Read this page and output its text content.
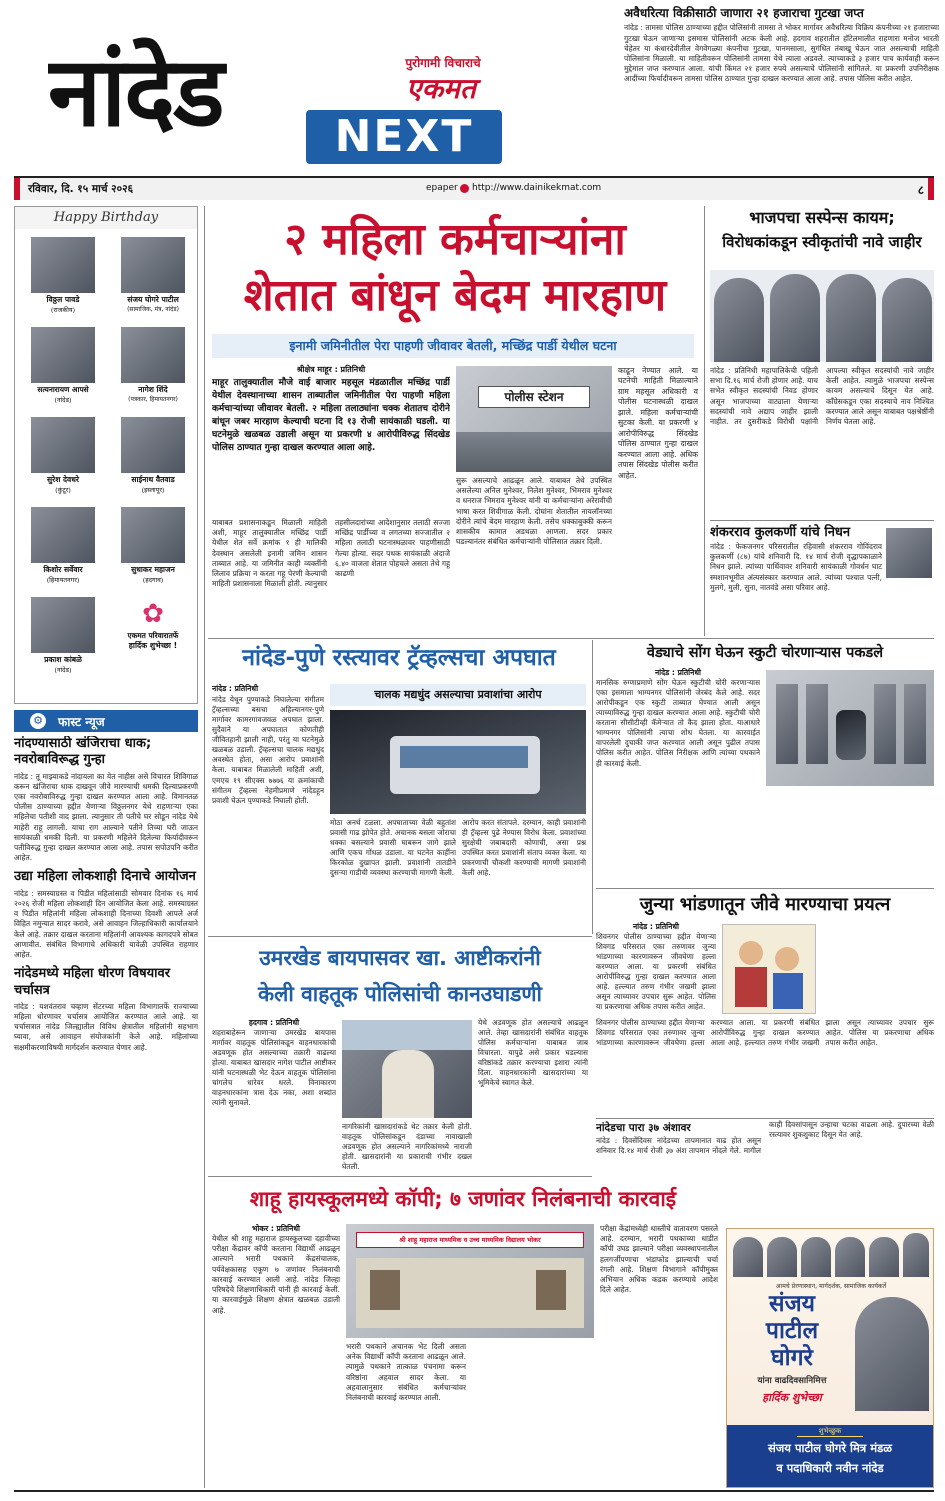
अवैधरित्या विक्रीसाठी जाणारा २१ हजाराचा गुटखा जप्त
नांदेड : तामसा पोलिस ठाण्याच्या हद्दीत पोलिसांनी तामसा ते भोकर मार्गावर अवैधरित्या विक्रिय कंपनीच्या २१ हजाराच्या गुटखा घेऊन जाणाऱ्या इसमास पोलिसांनी अटक केली आहे. हदगाव शहरातील हॉटेलमालीत राहणारा मनोज भारती चेहेतर या कंधारदेवीतील वेगवेगळ्या कंपनीचा गुटखा, पानमसाला, सुगंधित तंबाखू घेऊन जात असल्याची माहिती पोलिसांना मिळाली. या माहितीवरून पोलिसांनी तामसा येथे त्याला अडवले. त्याच्याकडे ३ हजार पाच कार्यवाही करून मुद्देमाल जप्त करण्यात आला. यांची किंमत २१ हजार रुपये असल्याचे पोलिसांनी सांगितले. या प्रकरणी उपनिरीक्षक आदींच्या फिर्यादीवरून तामसा पोलिस ठाण्यात गुन्हा दाखल करण्यात आला आहे. तपास पोलिस करीत आहेत.
नांदेड	पुरोगामी विचाराचे
एकमत
NEXT
रविवार, दि. १५ मार्च २०२६	epaper http://www.dainikekmat.com	८
Happy Birthday
विठ्ठल पावडे
(राजकीय)
संजय घोगरे पाटील
(सामाजिक, मंत्र, नांदेड)
सत्यनारायण आपसे
(नांदेड)
नागेश शिंदे
(पत्रकार, हिमायतनगर)
सुरेश देवधरे
(कुंटूर)
साईनाथ वैतवाड
(इस्लापूर)
किशोर सर्वेवार
(हिमायतनगर)
सुधाकर महाजन
(हदगाव)
प्रकाश कांबळे
(नांदेड)
✿
एकमत परिवारातर्फे
हार्दिक शुभेच्छा !
⚙ फास्ट न्यूज
नांदण्यासाठी खंजिराचा धाक; नवरोबाविरूद्ध गुन्हा
नांदेड : तू माझ्याकडे नांदायला का येत नाहीस असे विचारत शिविगाळ करून खंजिराचा धाक दाखवून जीवे मारण्याची धमकी दिल्याप्रकरणी एका नवरोबाविरुद्ध गुन्हा दाखल करण्यात आला आहे. विमानतळ पोलीस ठाण्याच्या हद्दीत येणाऱ्या विठ्ठलनगर येथे राहणाऱ्या एका महिलेचा पतीशी वाद झाला. त्यानुसार ती पतीचे घर सोडून नांदेड येथे माहेरी राहू लागली. याचा राग आल्याने पतीने तिच्या घरी जाऊन सायंकाळी धमकी दिली. या प्रकरणी महिलेने दिलेल्या फिर्यादीवरून पतीविरुद्ध गुन्हा दाखल करण्यात आला आहे. तपास सपोउपनि करीत आहेत.
उद्या महिला लोकशाही दिनाचे आयोजन
नांदेड : समस्याग्रस्त व पिडीत महिलांसाठी सोमवार दिनांक १६ मार्च २०२६ रोजी महिला लोकशाही दिन आयोजित केला आहे. समस्याग्रस्त व पिडीत महिलांनी महिला लोकशाही दिनाच्या दिवशी आपले अर्ज विहित नमुन्यात सादर करावे, असे आवाहन जिल्हाधिकारी कार्यालयाने केले आहे. तक्रार दाखल करताना महिलांनी आवश्यक कागदपत्रे सोबत आणावीत. संबंधित विभागाचे अधिकारी यावेळी उपस्थित राहणार आहेत.
नांदेडमध्ये महिला धोरण विषयावर चर्चासत्र
नांदेड : यशवंतराव चव्हाण सेंटरच्या महिला विभागातर्फे राज्याच्या महिला धोरणावर चर्चासत्र आयोजित करण्यात आले आहे. या चर्चासत्रात नांदेड जिल्ह्यातील विविध क्षेत्रातील महिलांनी सहभाग घ्यावा, असे आवाहन संयोजकांनी केले आहे. महिलांच्या सक्षमीकरणाविषयी मार्गदर्शन करण्यात येणार आहे.
२ महिला कर्मचाऱ्यांना
शेतात बांधून बेदम मारहाण
इनामी जमिनीतील पेरा पाहणी जीवावर बेतली, मच्छिंद्र पार्डी येथील घटना
श्रीक्षेत्र माहूर : प्रतिनिधी
माहूर तालुक्यातील मौजे वाई बाजार महसूल मंडळातील मच्छिंद्र पार्डी येथील देवस्थानाच्या शासन ताब्यातील जमिनीतील पेरा पाहणी महिला कर्मचाऱ्यांच्या जीवावर बेतली. २ महिला तलाठ्यांना चक्क शेतातच दोरीने बांधून जबर मारहाण केल्याची घटना दि १३ रोजी सायंकाळी घडली. या घटनेमुळे खळबळ उडाली असून या प्रकरणी ४ आरोपीविरुद्ध सिंदखेड पोलिस ठाण्यात गुन्हा दाखल करण्यात आला आहे.
पोलीस स्टेशन
याबाबत प्रशासनाकडून मिळाली माहिती अशी, माहूर तालुक्यातील मच्छिंद्र पार्डी येथील शेत सर्वे क्रमांक १ ही मालिकी देवस्थान असलेली इनामी जमिन शासन ताब्यात आहे. या जमिनीत काही व्यक्तींनी लिलाव प्रक्रिया न करता गहू पेरणी केल्याची माहिती प्रशासनाला मिळाली होती. त्यानुसार तहसीलदारांच्या आदेशानुसार तलाठी सज्जा मच्छिंद्र पार्डीच्या व लगतच्या सज्जातील २ महिला तलाठी घटनास्थळावर पाहणीसाठी गेल्या होत्या. सदर पथक सायंकाळी अंदाजे ६.४० वाजता शेतात पोहचले असता तेथे गहू काढणी
सुरू असल्याचे आढळून आले. याबाबत तेथे उपस्थित असलेल्या अनिल मुनेश्वर, निलेश मुनेश्वर, भिमराव मुनेश्वर व धनराज भिमराव मुनेश्वर यांनी या कर्मचाऱ्यांना अरेरावीची भाषा करत शिवीगाळ केली. दोघांना शेतातील नायलॉनच्या दोरीने त्यांचे बेदम मारहाण केली. तसेच धक्काबुक्की करून शासकीय कामात अडथळा आणला. सदर प्रकार घडल्यानंतर संबंधित कर्मचाऱ्यांनी पोलिसात तक्रार दिली.
काढून नेण्यात आले. या घटनेची माहिती मिळाल्याने ग्राम महसूल अधिकारी व पोलीस घटनास्थळी दाखल झाले. महिला कर्मचाऱ्यांची सुटका केली. या प्रकरणी ४ आरोपीविरुद्ध सिंदखेड पोलिस ठाण्यात गुन्हा दाखल करण्यात आला आहे. अधिक तपास सिंदखेड पोलीस करीत आहेत.
भाजपचा सस्पेन्स कायम;
विरोधकांकडून स्वीकृतांची नावे जाहीर
नांदेड : प्रतिनिधी महापालिकेची पहिली सभा दि.१६ मार्च रोजी होणार आहे. याच सभेत स्वीकृत सदस्यांची निवड होणार असून भाजपाच्या वाट्याला येणाऱ्या सदस्यांची नावे अद्याप जाहीर झाली नाहीत. तर दुसरीकडे विरोधी पक्षांनी आपल्या स्वीकृत सदस्यांची नावे जाहीर केली आहेत. त्यामुळे भाजपचा सस्पेन्स कायम असल्याचे दिसून येत आहे. काँग्रेसकडून एका सदस्याचे नाव निश्चित करण्यात आले असून याबाबत पक्षश्रेष्ठींनी निर्णय घेतला आहे.
शंकरराव कुलकर्णी यांचे निधन
नांदेड : फेकजनगर परिसरातील रहिवासी शंकरराव गोविंदराव कुलकर्णी (८७) यांचे शनिवारी दि. १४ मार्च रोजी वृद्धापकाळाने निधन झाले. त्यांच्या पार्थिवावर शनिवारी सायंकाळी गोवर्धन घाट स्मशानभूमीत अंत्यसंस्कार करण्यात आले. त्यांच्या पश्चात पत्नी, मुलगे, मुली, सुना, नातवंडे असा परिवार आहे.
नांदेड-पुणे रस्त्यावर ट्रॅव्हल्सचा अपघात
नांदेड : प्रतिनिधी
नांदेड येथून पुण्याकडे निघालेल्या संगीतम ट्रॅव्हल्सच्या बसचा अहिल्यानगर-पुणे मार्गावर कामरगावजवळ अपघात झाला. सुदैवाने या अपघातात कोणतीही जीवितहानी झाली नाही, परंतु या घटनेमुळे खळबळ उडाली. ट्रॅव्हल्सचा चालक मद्यधुंद अवस्थेत होता, असा आरोप प्रवाशांनी केला. याबाबत मिळालेली माहिती अशी, एमएच १९ सीएक्स ७७७६ या क्रमांकाची संगीतम ट्रॅव्हल्स नेहमीप्रमाणे नांदेडहून प्रवाशी घेऊन पुण्याकडे निघाली होती.
चालक मद्यधुंद असल्याचा प्रवाशांचा आरोप
मोठा अनर्थ टळला. अपघाताच्या वेळी बहुतांश प्रवासी गाढ झोपेत होते. अचानक बसला जोराचा धक्का बसल्याने प्रवासी घाबरून जागे झाले आणि एकच गोंधळ उडाला. या घटनेत काहींना किरकोळ दुखापत झाली. प्रवाशांनी तातडीने दुसऱ्या गाडीची व्यवस्था करण्याची मागणी केली.
आरोप करत संतापले. दरम्यान, काही प्रवाशांनी ही ट्रॅव्हल्स पुढे नेण्यास विरोध केला. प्रवाशांच्या सुरक्षेची जबाबदारी कोणाची, असा प्रश्न उपस्थित करत प्रवाशांनी संताप व्यक्त केला. या प्रकरणाची चौकशी करण्याची मागणी प्रवाशांनी केली आहे.
वेड्याचे सोंग घेऊन स्कुटी चोरणाऱ्यास पकडले
नांदेड : प्रतिनिधी
मानसिक रुग्णाप्रमाणे सोंग घेऊन स्कुटीची चोरी करणाऱ्यास एका इसमाला भाग्यनगर पोलिसांनी जेरबंद केले आहे. सदर आरोपीकडून एक स्कुटी ताब्यात घेण्यात आली असून त्याच्याविरुद्ध गुन्हा दाखल करण्यात आला आहे. स्कुटीची चोरी करताना सीसीटीव्ही कॅमेऱ्यात तो कैद झाला होता. याआधारे भाग्यनगर पोलिसांनी त्याचा शोध घेतला. या कारवाईत वापरलेली दुचाकी जप्त करण्यात आली असून पुढील तपास पोलिस करीत आहेत. पोलिस निरीक्षक आणि त्यांच्या पथकाने ही कारवाई केली.
जुन्या भांडणातून जीवे मारण्याचा प्रयत्न
नांदेड : प्रतिनिधी
शिवनगर पोलीस ठाण्याच्या हद्दीत येणाऱ्या शिवगड परिसरात एका तरुणावर जुन्या भांडणाच्या कारणावरून जीवघेणा हल्ला करण्यात आला. या प्रकरणी संबंधित आरोपींविरुद्ध गुन्हा दाखल करण्यात आला आहे. हल्ल्यात तरुण गंभीर जखमी झाला असून त्याच्यावर उपचार सुरू आहेत. पोलिस या प्रकरणाचा अधिक तपास करीत आहेत.
शिवनगर पोलीस ठाण्याच्या हद्दीत येणाऱ्या शिवगड परिसरात एका तरुणावर जुन्या भांडणाच्या कारणावरून जीवघेणा हल्ला करण्यात आला. या प्रकरणी संबंधित आरोपींविरुद्ध गुन्हा दाखल करण्यात आला आहे. हल्ल्यात तरुण गंभीर जखमी झाला असून त्याच्यावर उपचार सुरू आहेत. पोलिस या प्रकरणाचा अधिक तपास करीत आहेत.
नांदेडचा पारा ३७ अंशावर
नांदेड : दिवसेंदिवस नांदेडच्या तापमानात वाढ होत असून शनिवार दि.१४ मार्च रोजी ३७ अंश तापमान नोंदले गेले. मागील काही दिवसांपासून उन्हाचा चटका वाढला आहे. दुपारच्या वेळी रस्त्यावर शुकशुकाट दिसून येत आहे.
उमरखेड बायपासवर खा. आष्टीकरांनी
केली वाहतूक पोलिसांची कानउघाडणी
हदगाव : प्रतिनिधी
शहराबाहेरून जाणाऱ्या उमरखेड बायपास मार्गावर वाहतूक पोलिसांकडून वाहनधारकांची अडवणूक होत असल्याच्या तक्रारी वाढल्या होत्या. याबाबत खासदार नागेश पाटील आष्टीकर यांनी घटनास्थळी भेट देऊन वाहतूक पोलिसांना चांगलेच धारेवर धरले. विनाकारण वाहनधारकांना त्रास देऊ नका, अशा शब्दांत त्यांनी सुनावले.
नागरिकांनी खासदारांकडे थेट तक्रार केली होती. वाहतूक पोलिसांकडून दंडाच्या नावाखाली अडवणूक होत असल्याने नागरिकांमध्ये नाराजी होती. खासदारांनी या प्रकाराची गंभीर दखल घेतली.
येथे अडवणूक होत असल्याचे आढळून आले. तेव्हा खासदारांनी संबंधित वाहतूक पोलिस कर्मचाऱ्यांना याबाबत जाब विचारला. यापुढे असे प्रकार घडल्यास वरिष्ठांकडे तक्रार करण्याचा इशारा त्यांनी दिला. वाहनधारकांनी खासदारांच्या या भूमिकेचे स्वागत केले.
शाहू हायस्कूलमध्ये कॉपी; ७ जणांवर निलंबनाची कारवाई
भोकर : प्रतिनिधी
येथील श्री शाहू महाराज हायस्कूलच्या दहावीच्या परीक्षा केंद्रावर कॉपी करताना विद्यार्थी आढळून आल्याने भरारी पथकाने केंद्रसंचालक, पर्यवेक्षकासह एकूण ७ जणांवर निलंबनाची कारवाई करण्यात आली आहे. नांदेड जिल्हा परिषदेचे शिक्षणाधिकारी यांनी ही कारवाई केली. या कारवाईमुळे शिक्षण क्षेत्रात खळबळ उडाली आहे.
श्री शाहू महाराज माध्यमिक व उच्च माध्यमिक विद्यालय भोकर
भरारी पथकाने अचानक भेट दिली असता अनेक विद्यार्थी कॉपी करताना आढळून आले. त्यामुळे पथकाने तात्काळ पंचनामा करून वरिष्ठांना अहवाल सादर केला. या अहवालानुसार संबंधित कर्मचाऱ्यांवर निलंबनाची कारवाई करण्यात आली.
परीक्षा केंद्रांमध्येही धास्तीचे वातावरण पसरले आहे. दरम्यान, भरारी पथकाच्या धाडीत कॉपी उघड झाल्याने परीक्षा व्यवस्थापनातील हलगर्जीपणाचा भंडाफोड झाल्याची चर्चा रंगली आहे. शिक्षण विभागाने कॉपीमुक्त अभियान अधिक कडक करण्याचे आदेश दिले आहेत.	आमचे प्रेरणास्थान, मार्गदर्शक, सामाजिक कार्यकर्ते
संजय
पाटील
घोगरे
यांना वाढदिवसानिमित्त
हार्दिक शुभेच्छा
शुभेच्छुक
संजय पाटील घोगरे मित्र मंडळ
व पदाधिकारी नवीन नांदेड
